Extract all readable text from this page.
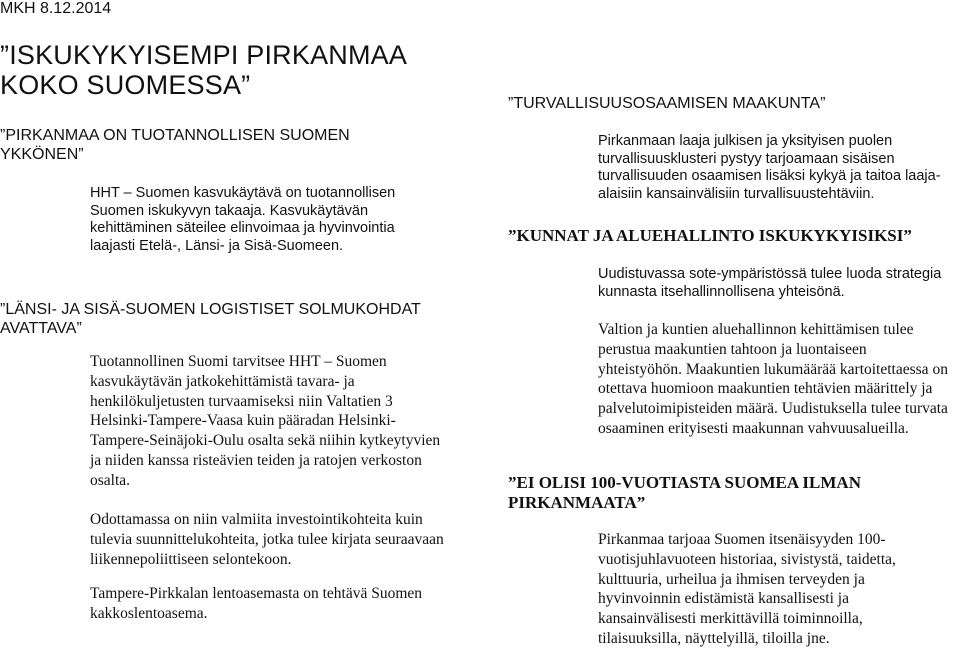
MKH 8.12.2014
”ISKUKYKYISEMPI PIRKANMAA KOKO SUOMESSA”
”PIRKANMAA ON TUOTANNOLLISEN SUOMEN YKKÖNEN”

HHT – Suomen kasvukäytävä on tuotannollisen Suomen iskukyvyn takaaja. Kasvukäytävän kehittäminen säteilee elinvoimaa ja hyvinvointia laajasti Etelä-, Länsi- ja Sisä-Suomeen.

”LÄNSI- JA SISÄ-SUOMEN LOGISTISET SOLMUKOHDAT AVATTAVA”

Tuotannollinen Suomi tarvitsee HHT – Suomen kasvukäytävän jatkokehittämistä tavara- ja henkilökuljetusten turvaamiseksi niin Valtatien 3 Helsinki-Tampere-Vaasa kuin pääradan Helsinki-Tampere-Seinäjoki-Oulu osalta sekä niihin kytkeytyvien ja niiden kanssa risteävien teiden ja ratojen verkoston osalta.

Odottamassa on niin valmiita investointikohteita kuin tulevia suunnittelukohteita, jotka tulee kirjata seuraavaan liikennepoliittiseen selontekoon.

Tampere-Pirkkalan lentoasemasta on tehtävä Suomen kakkoslentoasema.

”TURVALLISUUSOSAAMISEN MAAKUNTA”

Pirkanmaan laaja julkisen ja yksityisen puolen turvallisuusklusteri pystyy tarjoamaan sisäisen turvallisuuden osaamisen lisäksi kykyä ja taitoa laaja-alaisiin kansainvälisiin turvallisuustehtäviin.

”KUNNAT JA ALUEHALLINTO ISKUKYKYISIKSI”

Uudistuvassa sote-ympäristössä tulee luoda strategia kunnasta itsehallinnollisena yhteisönä.

Valtion ja kuntien aluehallinnon kehittämisen tulee perustua maakuntien tahtoon ja luontaiseen yhteistyöhön. Maakuntien lukumäärää kartoitettaessa on otettava huomioon maakuntien tehtävien määrittely ja palvelutoimipisteiden määrä. Uudistuksella tulee turvata osaaminen erityisesti maakunnan vahvuusalueilla.

”EI OLISI 100-VUOTIASTA SUOMEA ILMAN PIRKANMAATA”

Pirkanmaa tarjoaa Suomen itsenäisyyden 100-vuotisjuhlavuoteen historiaa, sivistystä, taidetta, kulttuuria, urheilua ja ihmisen terveyden ja hyvinvoinnin edistämistä kansallisesti ja kansainvälisesti merkittävillä toiminnoilla, tilaisuuksilla, näyttelyillä, tiloilla jne.
